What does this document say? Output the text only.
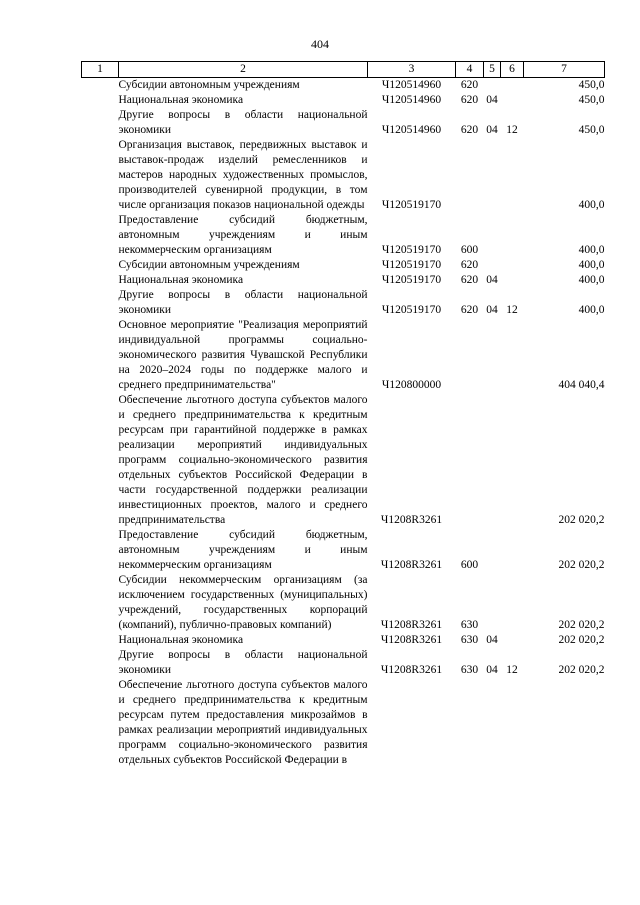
404
1	2	3	4	5	6	7
	Субсидии автономным учреждениям	Ч120514960	620			450,0
	Национальная экономика	Ч120514960	620	04		450,0
	Другие вопросы в области национальной экономики	Ч120514960	620	04	12	450,0
	Организация выставок, передвижных выставок и выставок-продаж изделий ремесленников и мастеров народных художественных промыслов, производителей сувенирной продукции, в том числе организация показов национальной одежды	Ч120519170				400,0
	Предоставление субсидий бюджетным, автономным учреждениям и иным некоммерческим организациям	Ч120519170	600			400,0
	Субсидии автономным учреждениям	Ч120519170	620			400,0
	Национальная экономика	Ч120519170	620	04		400,0
	Другие вопросы в области национальной экономики	Ч120519170	620	04	12	400,0
	Основное мероприятие "Реализация мероприятий индивидуальной программы социально-экономического развития Чувашской Республики на 2020–2024 годы по поддержке малого и среднего предпринимательства"	Ч120800000				404 040,4
	Обеспечение льготного доступа субъектов малого и среднего предпринимательства к кредитным ресурсам при гарантийной поддержке в рамках реализации мероприятий индивидуальных программ социально-экономического развития отдельных субъектов Российской Федерации в части государственной поддержки реализации инвестиционных проектов, малого и среднего предпринимательства	Ч1208R3261				202 020,2
	Предоставление субсидий бюджетным, автономным учреждениям и иным некоммерческим организациям	Ч1208R3261	600			202 020,2
	Субсидии некоммерческим организациям (за исключением государственных (муниципальных) учреждений, государственных корпораций (компаний), публично-правовых компаний)	Ч1208R3261	630			202 020,2
	Национальная экономика	Ч1208R3261	630	04		202 020,2
	Другие вопросы в области национальной экономики	Ч1208R3261	630	04	12	202 020,2
	Обеспечение льготного доступа субъектов малого и среднего предпринимательства к кредитным ресурсам путем предоставления микрозаймов в рамках реализации мероприятий индивидуальных программ социально-экономического развития отдельных субъектов Российской Федерации в					
